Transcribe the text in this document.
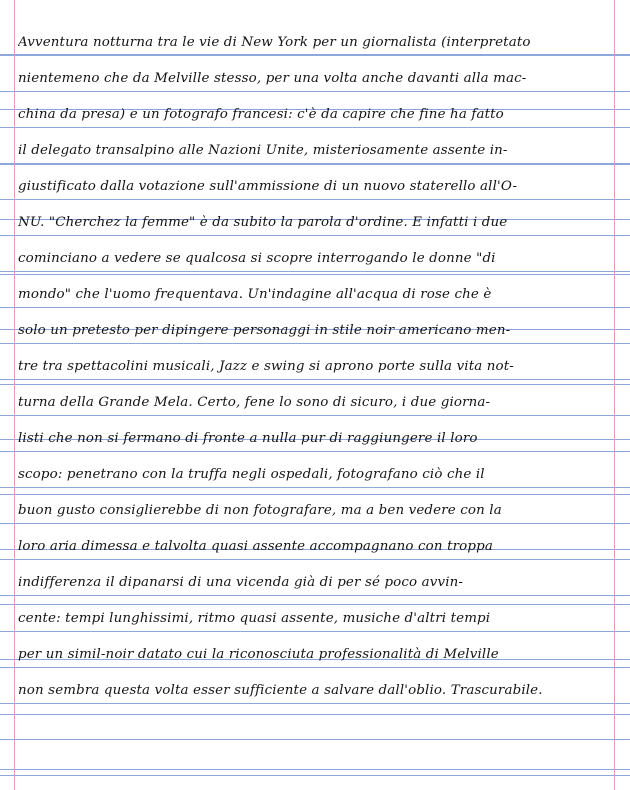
Avventura notturna tra le vie di New York per un giornalista (interpretato
nientemeno che da Melville stesso, per una volta anche davanti alla mac-
china da presa) e un fotografo francesi: c'è da capire che fine ha fatto
il delegato transalpino alle Nazioni Unite, misteriosamente assente in-
giustificato dalla votazione sull'ammissione di un nuovo staterello all'O-
NU. "Cherchez la femme" è da subito la parola d'ordine. E infatti i due
cominciano a vedere se qualcosa si scopre interrogando le donne "di
mondo" che l'uomo frequentava. Un'indagine all'acqua di rose che è
solo un pretesto per dipingere personaggi in stile noir americano men-
tre tra spettacolini musicali, Jazz e swing si aprono porte sulla vita not-
turna della Grande Mela. Certo, fene lo sono di sicuro, i due giorna-
listi che non si fermano di fronte a nulla pur di raggiungere il loro
scopo: penetrano con la truffa negli ospedali, fotografano ciò che il
buon gusto consiglierebbe di non fotografare, ma a ben vedere con la
loro aria dimessa e talvolta quasi assente accompagnano con troppa
indifferenza il dipanarsi di una vicenda già di per sé poco avvin-
cente: tempi lunghissimi, ritmo quasi assente, musiche d'altri tempi
per un simil-noir datato cui la riconosciuta professionalità di Melville
non sembra questa volta esser sufficiente a salvare dall'oblio. Trascurabile.
